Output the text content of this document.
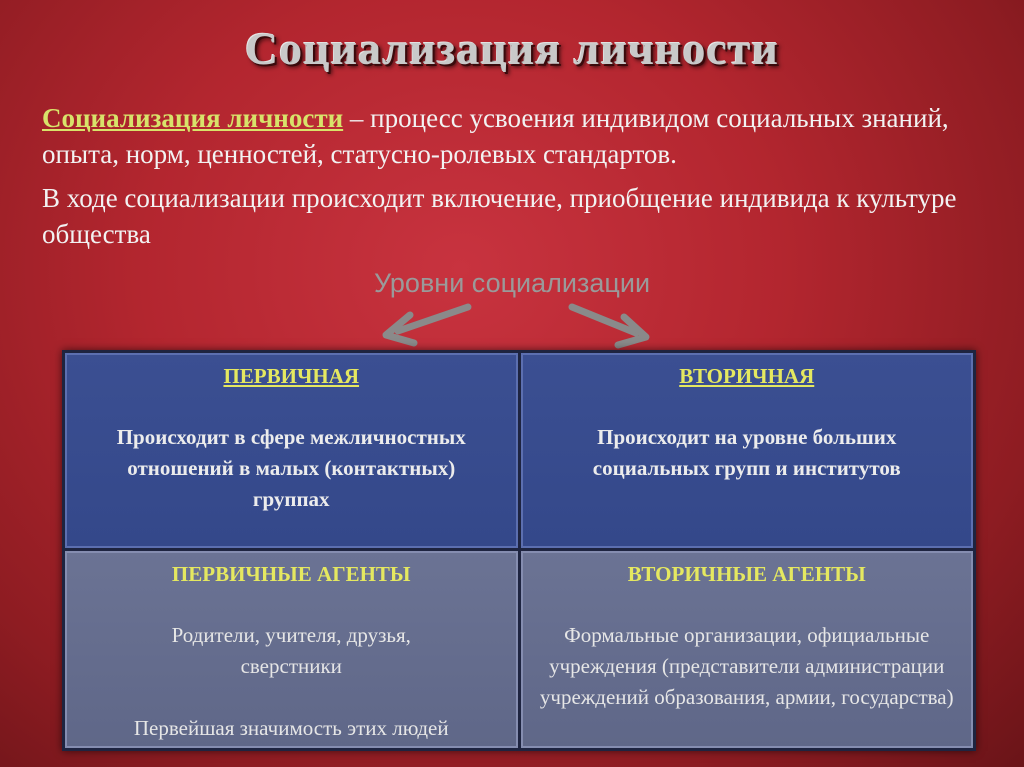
Социализация личности

Социализация личности – процесс усвоения индивидом социальных знаний, опыта, норм, ценностей, статусно-ролевых стандартов.

В ходе социализации происходит включение, приобщение индивида к культуре общества

Уровни социализации
ПЕРВИЧНАЯ
Происходит в сфере межличностных отношений в малых (контактных) группах
ВТОРИЧНАЯ
Происходит на уровне больших социальных групп и институтов
ПЕРВИЧНЫЕ АГЕНТЫ
Родители, учителя, друзья, сверстники
Первейшая значимость этих людей
ВТОРИЧНЫЕ АГЕНТЫ
Формальные организации, официальные учреждения (представители администрации учреждений образования, армии, государства)
